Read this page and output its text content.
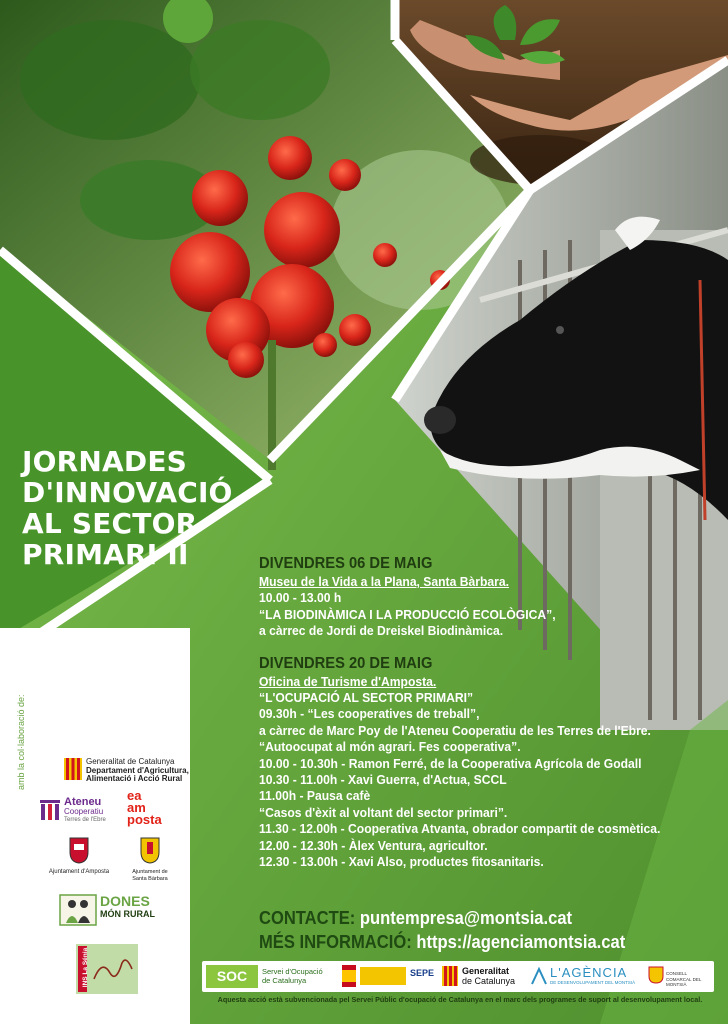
JORNADES
D'INNOVACIÓ
AL SECTOR
PRIMARI II
amb la col·laboració de:	Generalitat de Catalunya
Departament d'Agricultura,
Alimentació i Acció Rural
Ateneu
Cooperatiu
Terres de l'Ebre
ea
am
posta
Ajuntament d'Amposta	Ajuntament de
Santa Bàrbara
DONES
MÓN RURAL
INS La Sénia
DIVENDRES 06 DE MAIG
Museu de la Vida a la Plana, Santa Bàrbara.
10.00 - 13.00 h
“LA BIODINÀMICA I LA PRODUCCIÓ ECOLÒGICA”,
a càrrec de Jordi de Dreiskel Biodinàmica.
DIVENDRES 20 DE MAIG
Oficina de Turisme d'Amposta.
“L'OCUPACIÓ AL SECTOR PRIMARI”
09.30h - “Les cooperatives de treball”,
a càrrec de Marc Poy de l'Ateneu Cooperatiu de les Terres de l'Ebre.
“Autoocupat al món agrari. Fes cooperativa”.
10.00 - 10.30h - Ramon Ferré, de la Cooperativa Agrícola de Godall
10.30 - 11.00h - Xavi Guerra, d'Actua, SCCL
11.00h - Pausa cafè
“Casos d'èxit al voltant del sector primari”.
11.30 - 12.00h - Cooperativa Atvanta, obrador compartit de cosmètica.
12.00 - 12.30h - Àlex Ventura, agricultor.
12.30 - 13.00h - Xavi Also, productes fitosanitaris.
CONTACTE: puntempresa@montsia.cat
MÉS INFORMACIÓ: https://agenciamontsia.cat
SOC	Servei d'Ocupació
de Catalunya
SEPE	Generalitat
de Catalunya
L'AGÈNCIA
DE DESENVOLUPAMENT DEL MONTSIÀ
CONSELL COMARCAL DEL MONTSIÀ
Aquesta acció està subvencionada pel Servei Públic d'ocupació de Catalunya en el marc dels programes de suport al desenvolupament local.
